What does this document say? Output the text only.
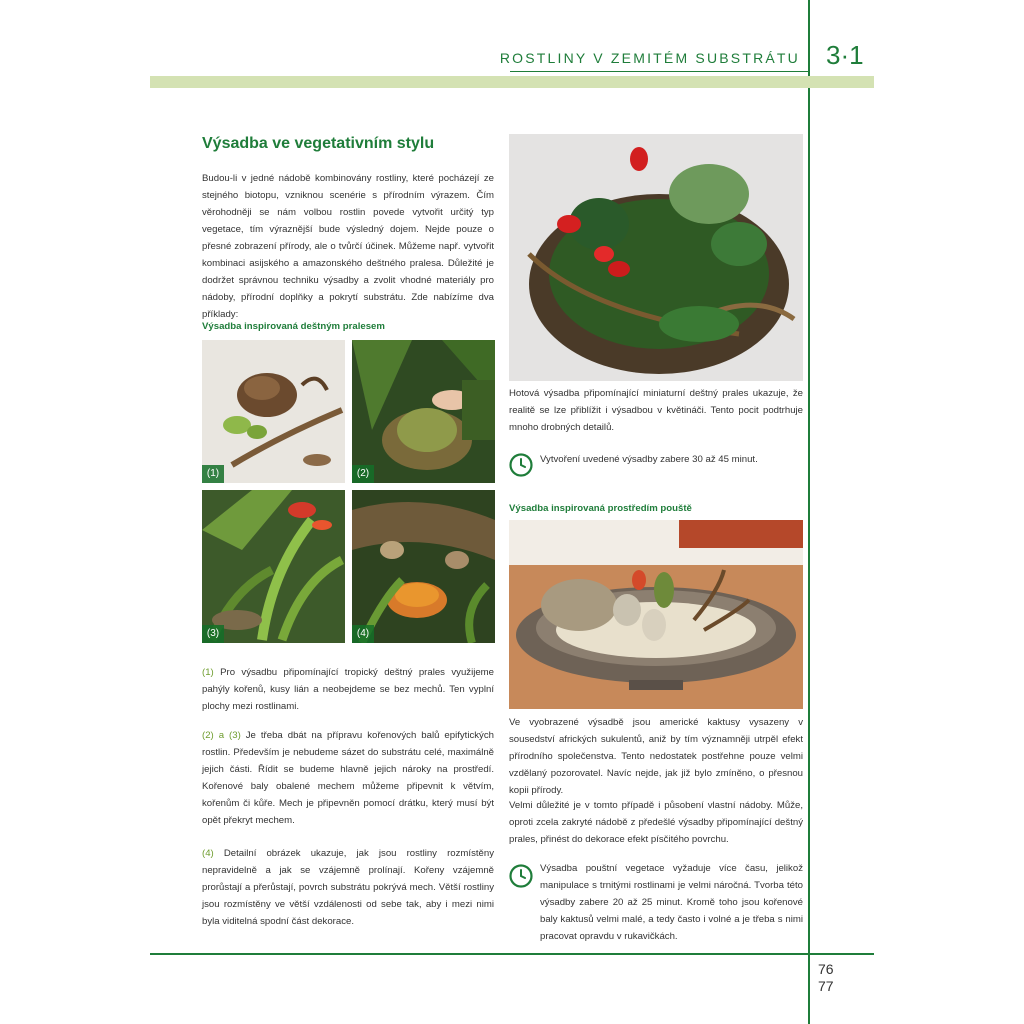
ROSTLINY V ZEMITÉM SUBSTRÁTU 3·1
76
77
Výsadba ve vegetativním stylu
Budou-li v jedné nádobě kombinovány rostliny, které pocházejí ze stejného biotopu, vzniknou scenérie s přírodním výrazem. Čím věrohodněji se nám volbou rostlin povede vytvořit určitý typ vegetace, tím výraznější bude výsledný dojem. Nejde pouze o přesné zobrazení přírody, ale o tvůrčí účinek. Můžeme např. vytvořit kombinaci asijského a amazonského deštného pralesa. Důležité je dodržet správnou techniku výsadby a zvolit vhodné materiály pro nádoby, přírodní doplňky a pokrytí substrátu. Zde nabízíme dva příklady:
Výsadba inspirovaná deštným pralesem
(1)	(2)
(3)	(4)
(1) Pro výsadbu připomínající tropický deštný prales využijeme pahýly kořenů, kusy lián a neobejdeme se bez mechů. Ten vyplní plochy mezi rostlinami.
(2) a (3) Je třeba dbát na přípravu kořenových balů epifytických rostlin. Především je nebudeme sázet do substrátu celé, maximálně jejich části. Řídit se budeme hlavně jejich nároky na prostředí. Kořenové baly obalené mechem můžeme připevnit k větvím, kořenům či kůře. Mech je připevněn pomocí drátku, který musí být opět překryt mechem.
(4) Detailní obrázek ukazuje, jak jsou rostliny rozmístěny nepravidelně a jak se vzájemně prolínají. Kořeny vzájemně prorůstají a přerůstají, povrch substrátu pokrývá mech. Větší rostliny jsou rozmístěny ve větší vzdálenosti od sebe tak, aby i mezi nimi byla viditelná spodní část dekorace.
Hotová výsadba připomínající miniaturní deštný prales ukazuje, že realitě se lze přiblížit i výsadbou v květináči. Tento pocit podtrhuje mnoho drobných detailů.
Vytvoření uvedené výsadby zabere 30 až 45 minut.
Výsadba inspirovaná prostředím pouště
Ve vyobrazené výsadbě jsou americké kaktusy vysazeny v sousedství afrických sukulentů, aniž by tím významněji utrpěl efekt přírodního společenstva. Tento nedostatek postřehne pouze velmi vzdělaný pozorovatel. Navíc nejde, jak již bylo zmíněno, o přesnou kopii přírody.
Velmi důležité je v tomto případě i působení vlastní nádoby. Může, oproti zcela zakryté nádobě z předešlé výsadby připomínající deštný prales, přinést do dekorace efekt písčitého povrchu.
Výsadba pouštní vegetace vyžaduje více času, jelikož manipulace s trnitými rostlinami je velmi náročná. Tvorba této výsadby zabere 20 až 25 minut. Kromě toho jsou kořenové baly kaktusů velmi malé, a tedy často i volné a je třeba s nimi pracovat opravdu v rukavičkách.
